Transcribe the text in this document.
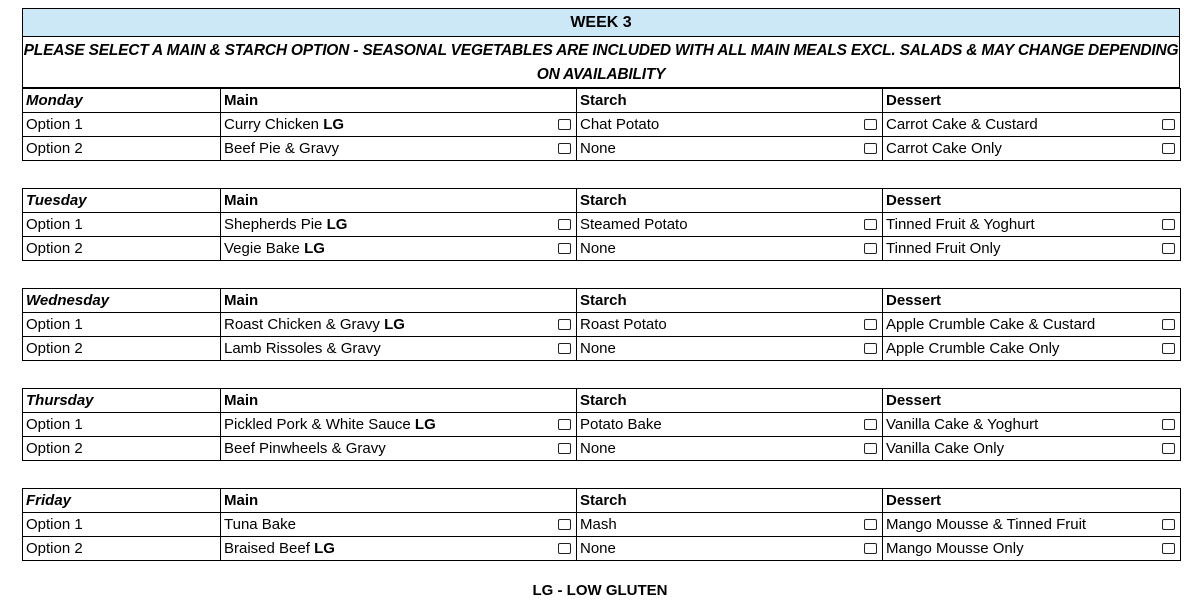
WEEK 3
PLEASE SELECT A MAIN & STARCH OPTION - SEASONAL VEGETABLES ARE INCLUDED WITH ALL MAIN MEALS EXCL. SALADS & MAY CHANGE DEPENDING ON AVAILABILITY
Monday	Main	Starch	Dessert
Option 1	Curry Chicken LG	Chat Potato	Carrot Cake & Custard

Option 2	Beef Pie & Gravy	None	Carrot Cake Only
Tuesday	Main	Starch	Dessert
Option 1	Shepherds Pie LG	Steamed Potato	Tinned Fruit & Yoghurt

Option 2	Vegie Bake LG	None	Tinned Fruit Only
Wednesday	Main	Starch	Dessert
Option 1	Roast Chicken & Gravy LG	Roast Potato	Apple Crumble Cake & Custard

Option 2	Lamb Rissoles & Gravy	None	Apple Crumble Cake Only
Thursday	Main	Starch	Dessert
Option 1	Pickled Pork & White Sauce LG	Potato Bake	Vanilla Cake & Yoghurt

Option 2	Beef Pinwheels & Gravy	None	Vanilla Cake Only
Friday	Main	Starch	Dessert
Option 1	Tuna Bake	Mash	Mango Mousse & Tinned Fruit

Option 2	Braised Beef LG	None	Mango Mousse Only
LG - LOW GLUTEN
